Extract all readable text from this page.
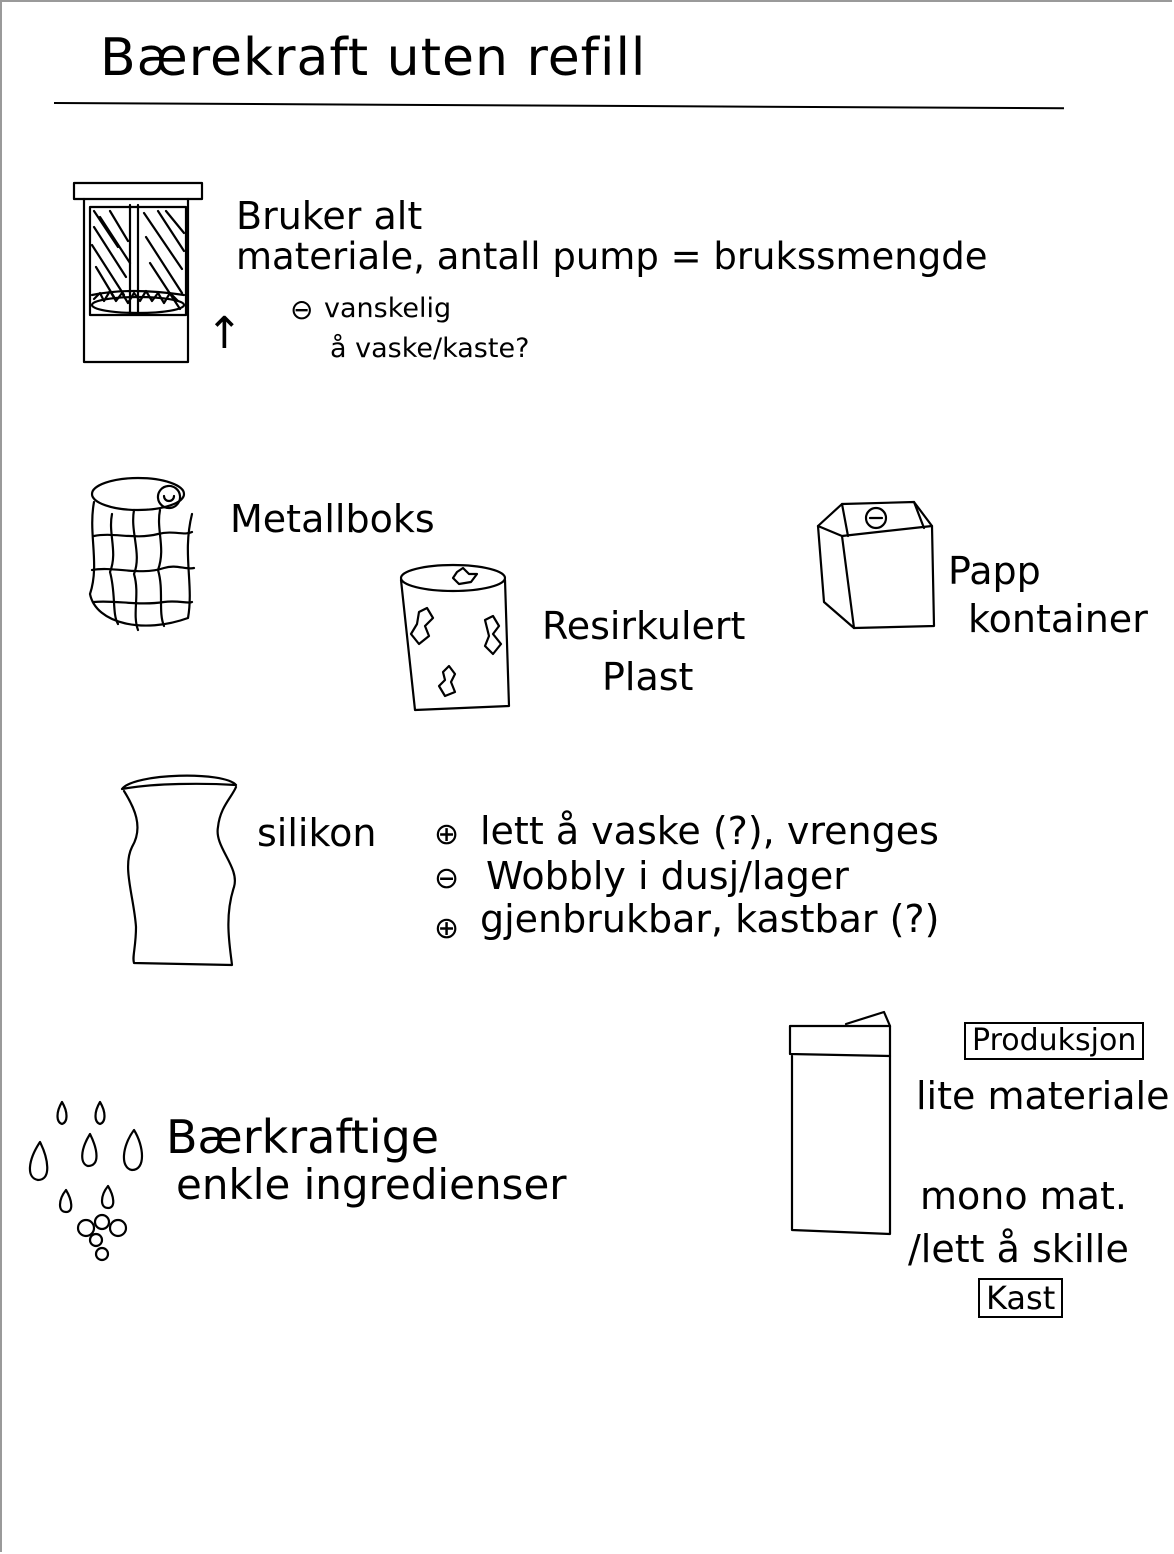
Bærekraft uten refill
↑
Bruker alt
materiale, antall pump = brukssmengde
⊖ vanskelig
å vaske/kaste?
Metallboks
Resirkulert
Plast
Papp
kontainer
silikon ⊕ lett å vaske (?), vrenges
⊖ Wobbly i dusj/lager
⊕ gjenbrukbar, kastbar (?)
Bærkraftige
enkle ingredienser
Produksjon
lite materiale
mono mat.
/lett å skille
Kast
